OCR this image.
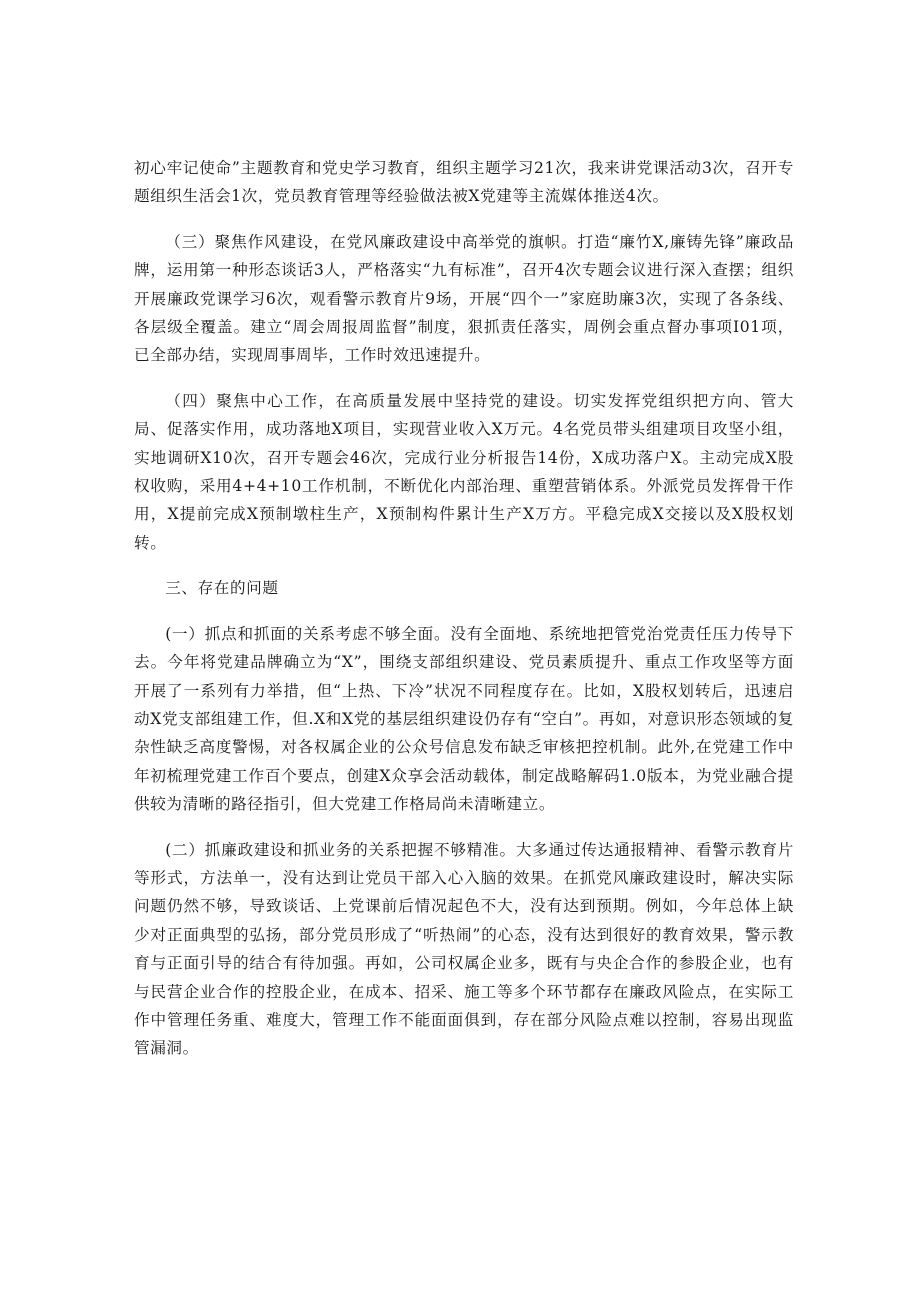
初心牢记使命”主题教育和党史学习教育，组织主题学习21次，我来讲党课活动3次，召开专题组织生活会1次，党员教育管理等经验做法被X党建等主流媒体推送4次。

（三）聚焦作风建设，在党风廉政建设中高举党的旗帜。打造“廉竹X,廉铸先锋”廉政品牌，运用第一种形态谈话3人，严格落实“九有标准”，召开4次专题会议进行深入查摆；组织开展廉政党课学习6次，观看警示教育片9场，开展“四个一”家庭助廉3次，实现了各条线、各层级全覆盖。建立“周会周报周监督”制度，狠抓责任落实，周例会重点督办事项I01项，已全部办结，实现周事周毕，工作时效迅速提升。

（四）聚焦中心工作，在高质量发展中坚持党的建设。切实发挥党组织把方向、管大局、促落实作用，成功落地X项目，实现营业收入X万元。4名党员带头组建项目攻坚小组，实地调研X10次，召开专题会46次，完成行业分析报告14份，X成功落户X。主动完成X股权收购，采用4+4+10工作机制，不断优化内部治理、重塑营销体系。外派党员发挥骨干作用，X提前完成X预制墩柱生产，X预制构件累计生产X万方。平稳完成X交接以及X股权划转。

三、存在的问题

(一）抓点和抓面的关系考虑不够全面。没有全面地、系统地把管党治党责任压力传导下去。今年将党建品牌确立为“X”，围绕支部组织建设、党员素质提升、重点工作攻坚等方面开展了一系列有力举措，但“上热、下冷”状况不同程度存在。比如，X股权划转后，迅速启动X党支部组建工作，但.X和X党的基层组织建设仍存有“空白”。再如，对意识形态领域的复杂性缺乏高度警惕，对各权属企业的公众号信息发布缺乏审核把控机制。此外,在党建工作中年初梳理党建工作百个要点，创建X众享会活动载体，制定战略解码1.0版本，为党业融合提供较为清晰的路径指引，但大党建工作格局尚未清晰建立。

(二）抓廉政建设和抓业务的关系把握不够精准。大多通过传达通报精神、看警示教育片等形式，方法单一，没有达到让党员干部入心入脑的效果。在抓党风廉政建设时，解决实际问题仍然不够，导致谈话、上党课前后情况起色不大，没有达到预期。例如，今年总体上缺少对正面典型的弘扬，部分党员形成了“听热闹”的心态，没有达到很好的教育效果，警示教育与正面引导的结合有待加强。再如，公司权属企业多，既有与央企合作的参股企业，也有与民营企业合作的控股企业，在成本、招采、施工等多个环节都存在廉政风险点，在实际工作中管理任务重、难度大，管理工作不能面面俱到，存在部分风险点难以控制，容易出现监管漏洞。
